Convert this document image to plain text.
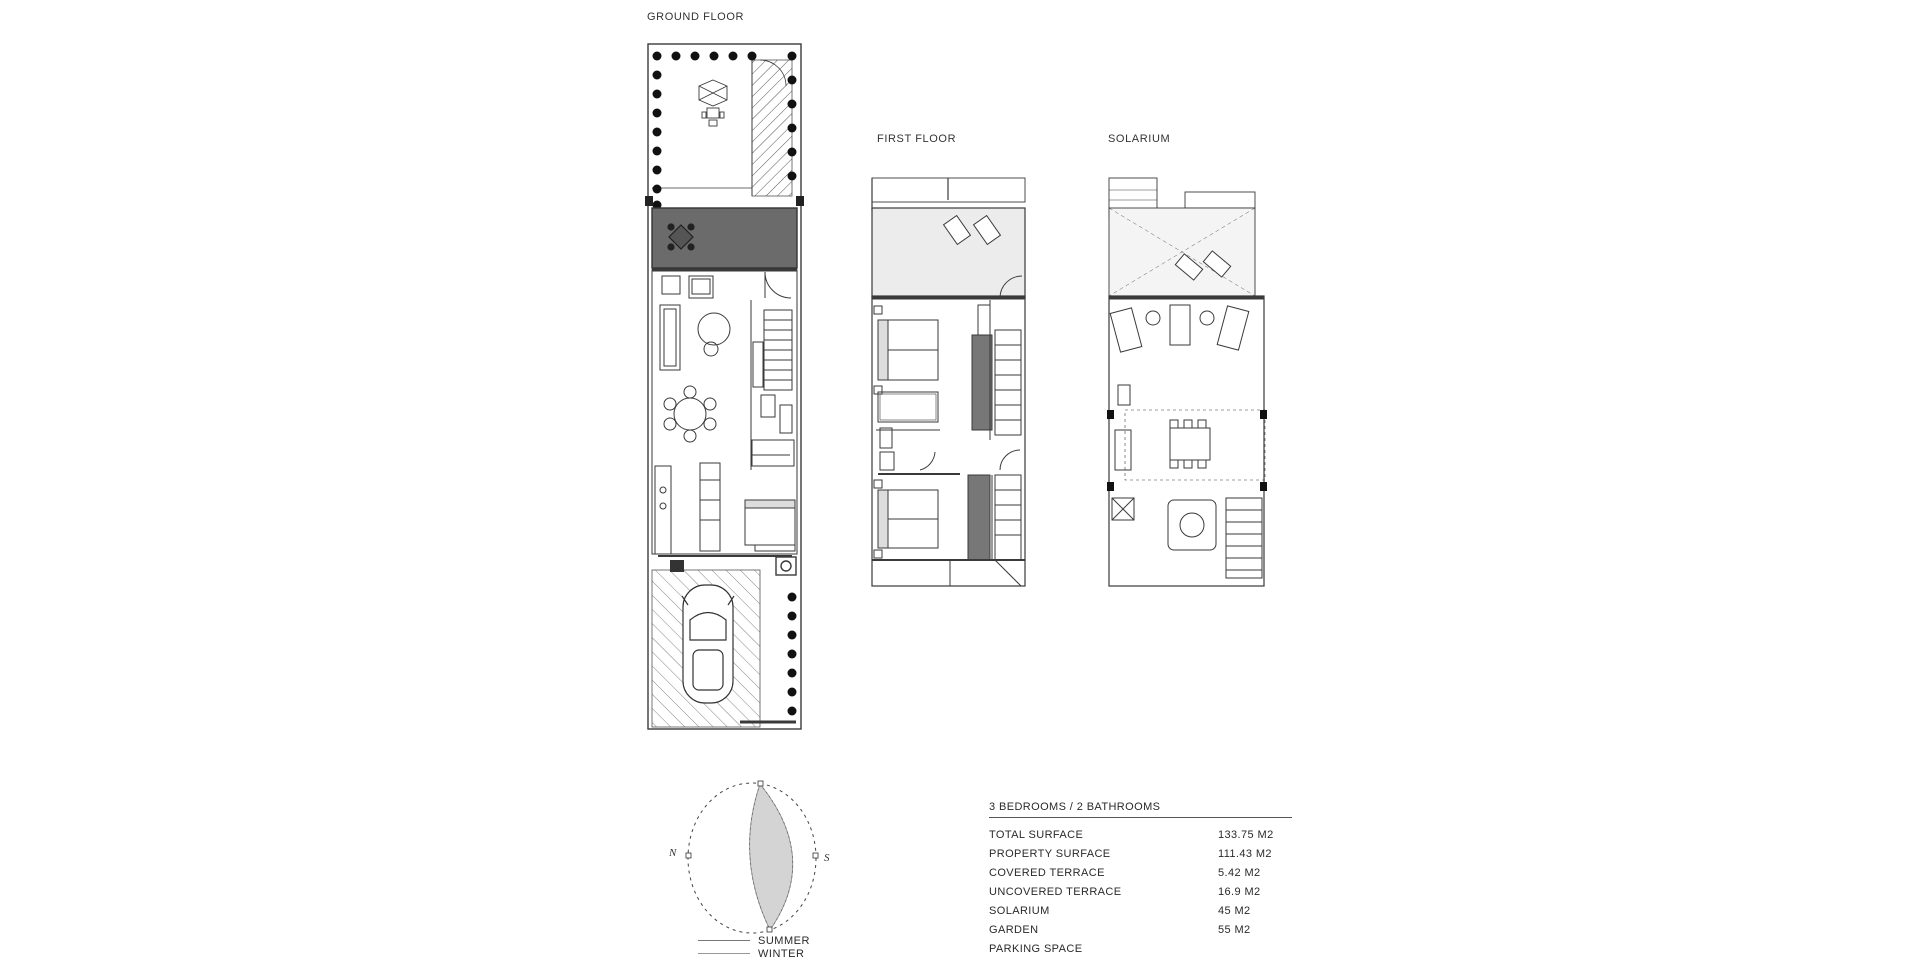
GROUND FLOOR
FIRST FLOOR	SOLARIUM
N	S
SUMMER
WINTER
3 BEDROOMS / 2 BATHROOMS
TOTAL SURFACE	133.75 M2
PROPERTY SURFACE	111.43 M2
COVERED TERRACE	5.42 M2
UNCOVERED TERRACE	16.9 M2
SOLARIUM	45 M2
GARDEN	55 M2
PARKING SPACE
